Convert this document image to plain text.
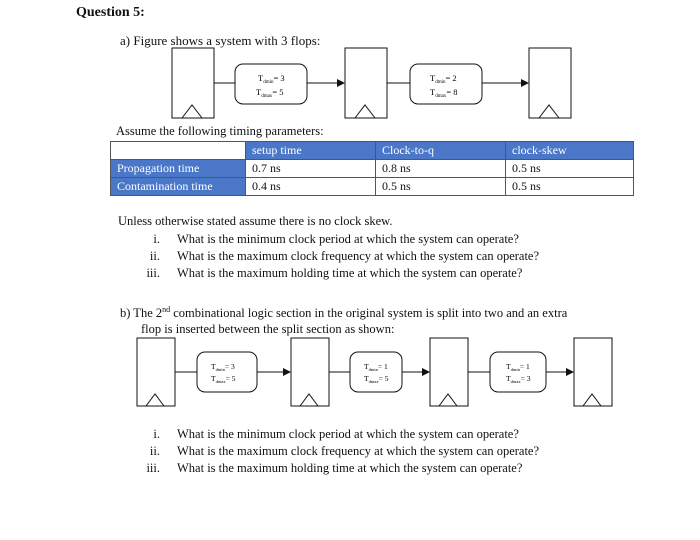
Question 5:
a) Figure shows a system with 3 flops:
$T_{dmin}= 3$
$T_{dmax}= 5$
$T_{dmin}= 2$
$T_{dmax}= 8$
$T_{dmin}= 3$
$T_{dmax}= 5$
$T_{dmin}= 1$
$T_{dmax}= 5$
$T_{dmin}= 1$
$T_{dmax}= 3$
Assume the following timing parameters:
	setup time	Clock-to-q	clock-skew
Propagation time	0.7 ns	0.8 ns	0.5 ns
Contamination time	0.4 ns	0.5 ns	0.5 ns
Unless otherwise stated assume there is no clock skew.
i. What is the minimum clock period at which the system can operate?
ii. What is the maximum clock frequency at which the system can operate?
iii. What is the maximum holding time at which the system can operate?
b) The 2nd combinational logic section in the original system is split into two and an extra
flop is inserted between the split section as shown:
i. What is the minimum clock period at which the system can operate?
ii. What is the maximum clock frequency at which the system can operate?
iii. What is the maximum holding time at which the system can operate?
